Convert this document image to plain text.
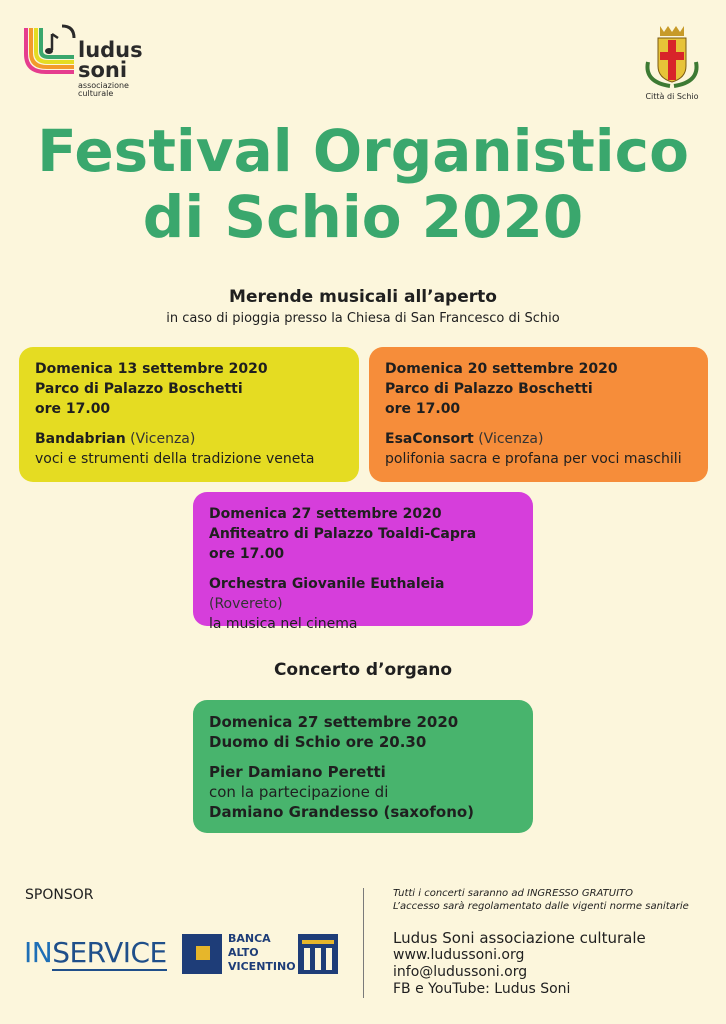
ludus
soni
associazione culturale	Città di Schio
Festival Organistico
di Schio 2020
Merende musicali all’aperto
in caso di pioggia presso la Chiesa di San Francesco di Schio
Domenica 13 settembre 2020
Parco di Palazzo Boschetti
ore 17.00
Bandabrian (Vicenza)
voci e strumenti della tradizione veneta
Domenica 20 settembre 2020
Parco di Palazzo Boschetti
ore 17.00
EsaConsort (Vicenza)
polifonia sacra e profana per voci maschili
Domenica 27 settembre 2020
Anfiteatro di Palazzo Toaldi-Capra
ore 17.00
Orchestra Giovanile Euthaleia (Rovereto)
la musica nel cinema
Concerto d’organo
Domenica 27 settembre 2020
Duomo di Schio ore 20.30
Pier Damiano Peretti
con la partecipazione di
Damiano Grandesso (saxofono)
SPONSOR
INSERVICE	BANCA
ALTO
VICENTINO
Tutti i concerti saranno ad INGRESSO GRATUITO
L’accesso sarà regolamentato dalle vigenti norme sanitarie
Ludus Soni associazione culturale
www.ludussoni.org
info@ludussoni.org
FB e YouTube: Ludus Soni
